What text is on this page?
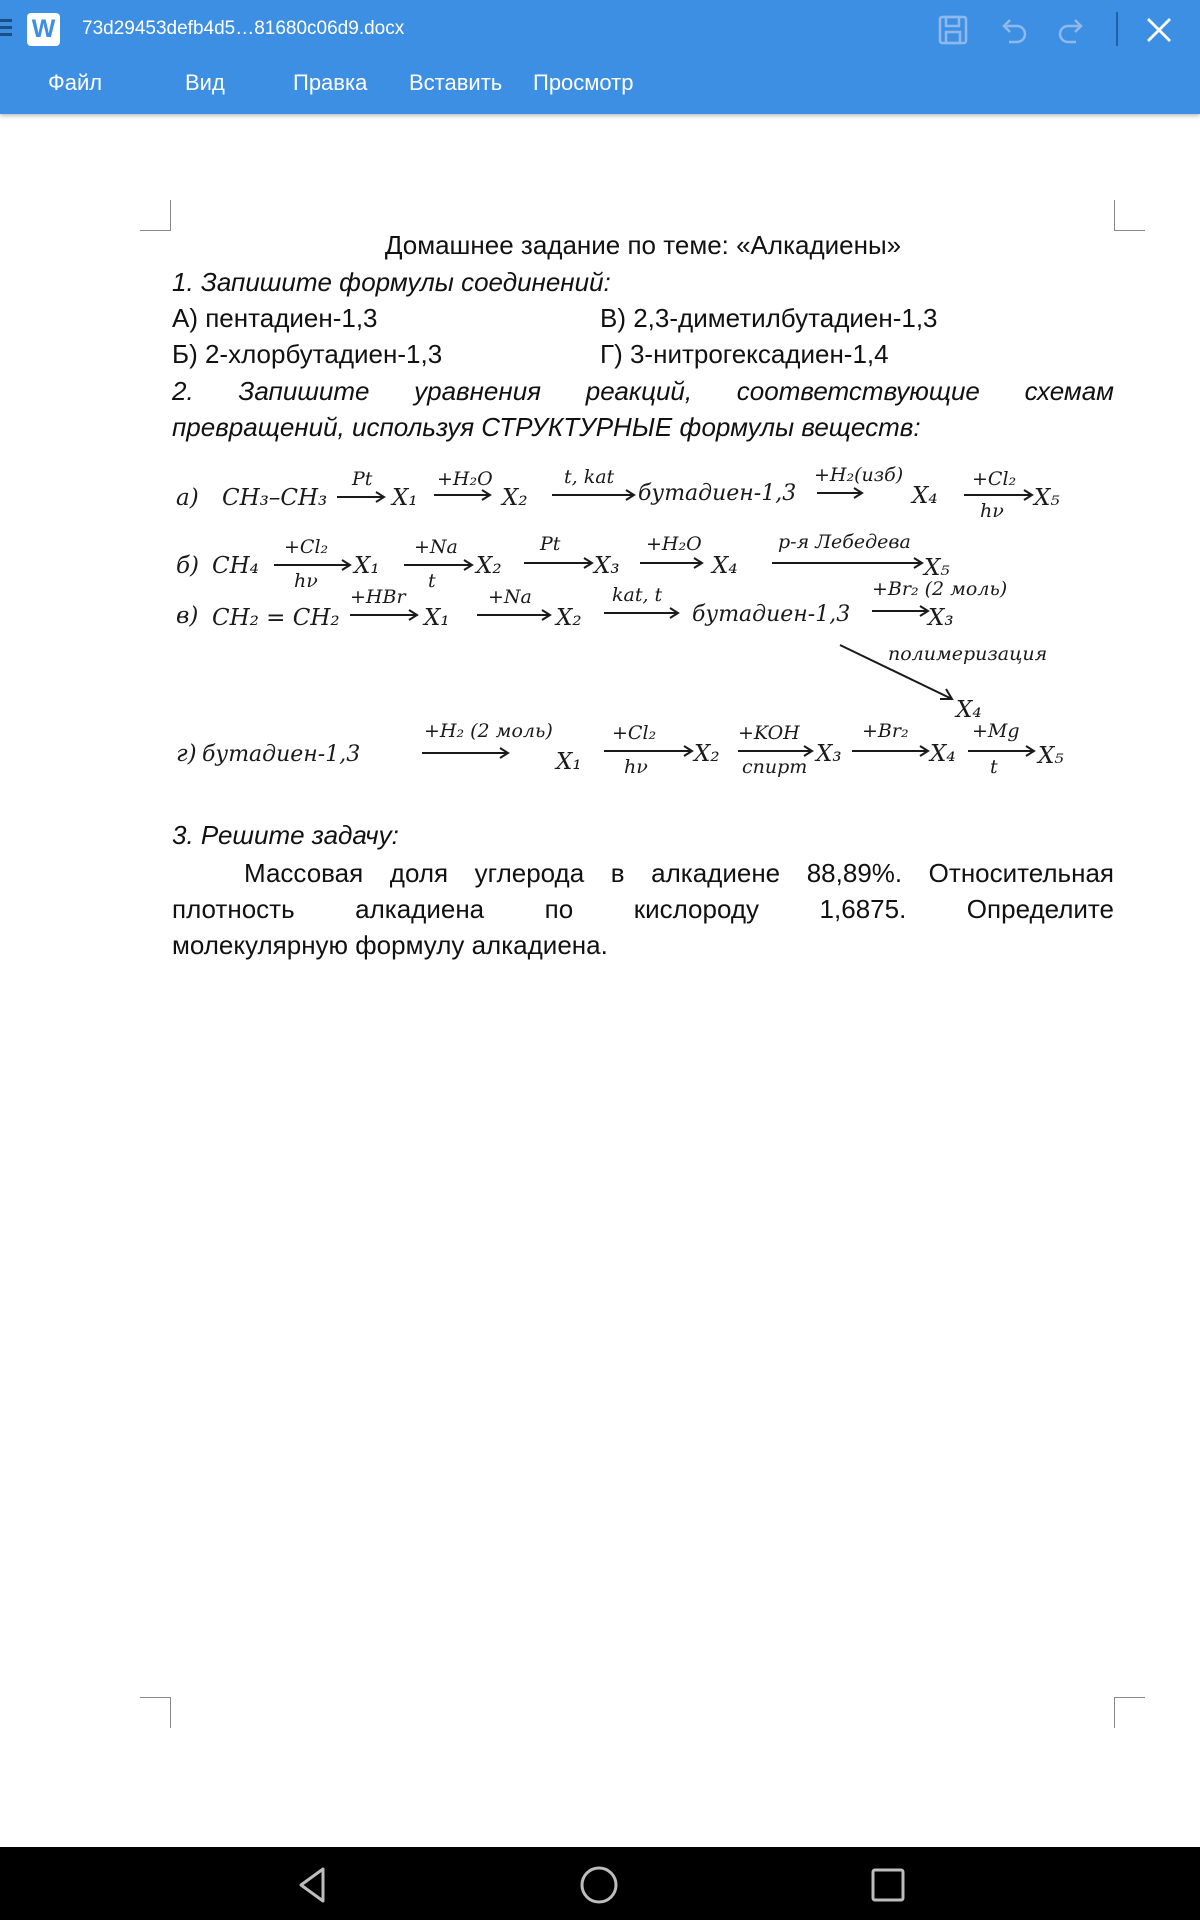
W 73d29453defb4d5…81680c06d9.docx
Файл	Вид	Правка Вставить Просмотр
Домашнее задание по теме: «Алкадиены»
1. Запишите формулы соединений:
А) пентадиен-1,3	В) 2,3-диметилбутадиен-1,3
Б) 2-хлорбутадиен-1,3	Г) 3-нитрогексадиен-1,4
2. Запишите уравнения реакций, соответствующие схемам
превращений, используя СТРУКТУРНЫЕ формулы веществ:
3. Решите задачу:
Массовая доля углерода в алкадиене 88,89%. Относительная
плотность алкадиена по кислороду 1,6875. Определите
молекулярную формулу алкадиена.
а) CH₃–CH₃
Pt
X₁
+H₂O
X₂
t, kat
бутадиен-1,3
+H₂(изб)
X₄
+Cl₂
hν X₅
б) CH₄
+Cl₂
hν
X₁
+Na
t
X₂
Pt
X₃
+H₂O
X₄
р-я Лебедева
X₅
в) CH₂ = CH₂
+HBr
X₁
+Na
X₂
kat, t
бутадиен-1,3
+Br₂ (2 моль)
X₃
полимеризация
X₄
г) бутадиен-1,3
+H₂ (2 моль)
X₁
+Cl₂
hν X₂
+KOH
спирт X₃
+Br₂
X₄
+Mg
t X₅
